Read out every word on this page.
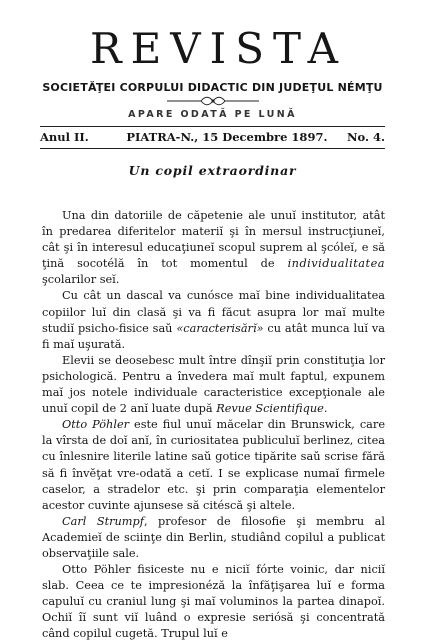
REVISTA
SOCIETĂŢEI CORPULUI DIDACTIC DIN JUDEŢUL NÉMŢU
APARE ODATĂ PE LUNĂ
Anul II.	PIATRA-N., 15 Decembre 1897. No. 4.
Un copil extraordinar

Una din datoriile de căpetenie ale unuĭ institutor, atât în predarea diferitelor materiĭ şi în mersul instrucţiuneĭ, cât şi în interesul educaţiuneĭ scopul suprem al şcóleĭ, e să ţină socotélă în tot momentul de individualitatea şcolarilor seĭ.

Cu cât un dascal va cunósce maĭ bine individualitatea copiilor luĭ din clasă şi va fi făcut asupra lor maĭ multe studiĭ psicho-fisice saŭ «caracterisărĭ» cu atât munca luĭ va fi maĭ uşurată.

Elevii se deosebesc mult între dînşiĭ prin constituţia lor psichologică. Pentru a învedera maĭ mult faptul, expunem maĭ jos notele individuale caracteristice excepţionale ale unuĭ copil de 2 anĭ luate după Revue Scientifique.

Otto Pöhler este fiul unuĭ măcelar din Brunswick, care la vîrsta de doĭ anĭ, în curiositatea publiculuĭ berlinez, citea cu înlesnire literile latine saŭ gotice tipărite saŭ scrise fără să fi învĕţat vre-odată a cetĭ. I se explicase numaĭ firmele caselor, a stradelor etc. şi prin comparaţia elementelor acestor cuvinte ajunsese să citéscă şi altele.

Carl Strumpf, profesor de filosofie şi membru al Academieĭ de sciinţe din Berlin, studiând copilul a publicat observaţiile sale.

Otto Pöhler fisiceste nu e niciĭ fórte voinic, dar niciĭ slab. Ceea ce te impresionéză la înfăţişarea luĭ e forma capuluĭ cu craniul lung şi maĭ voluminos la partea dinapoĭ. Ochiĭ îĭ sunt viĭ luând o expresie seriósă şi concentrată când copilul cugetă. Trupul luĭ e
